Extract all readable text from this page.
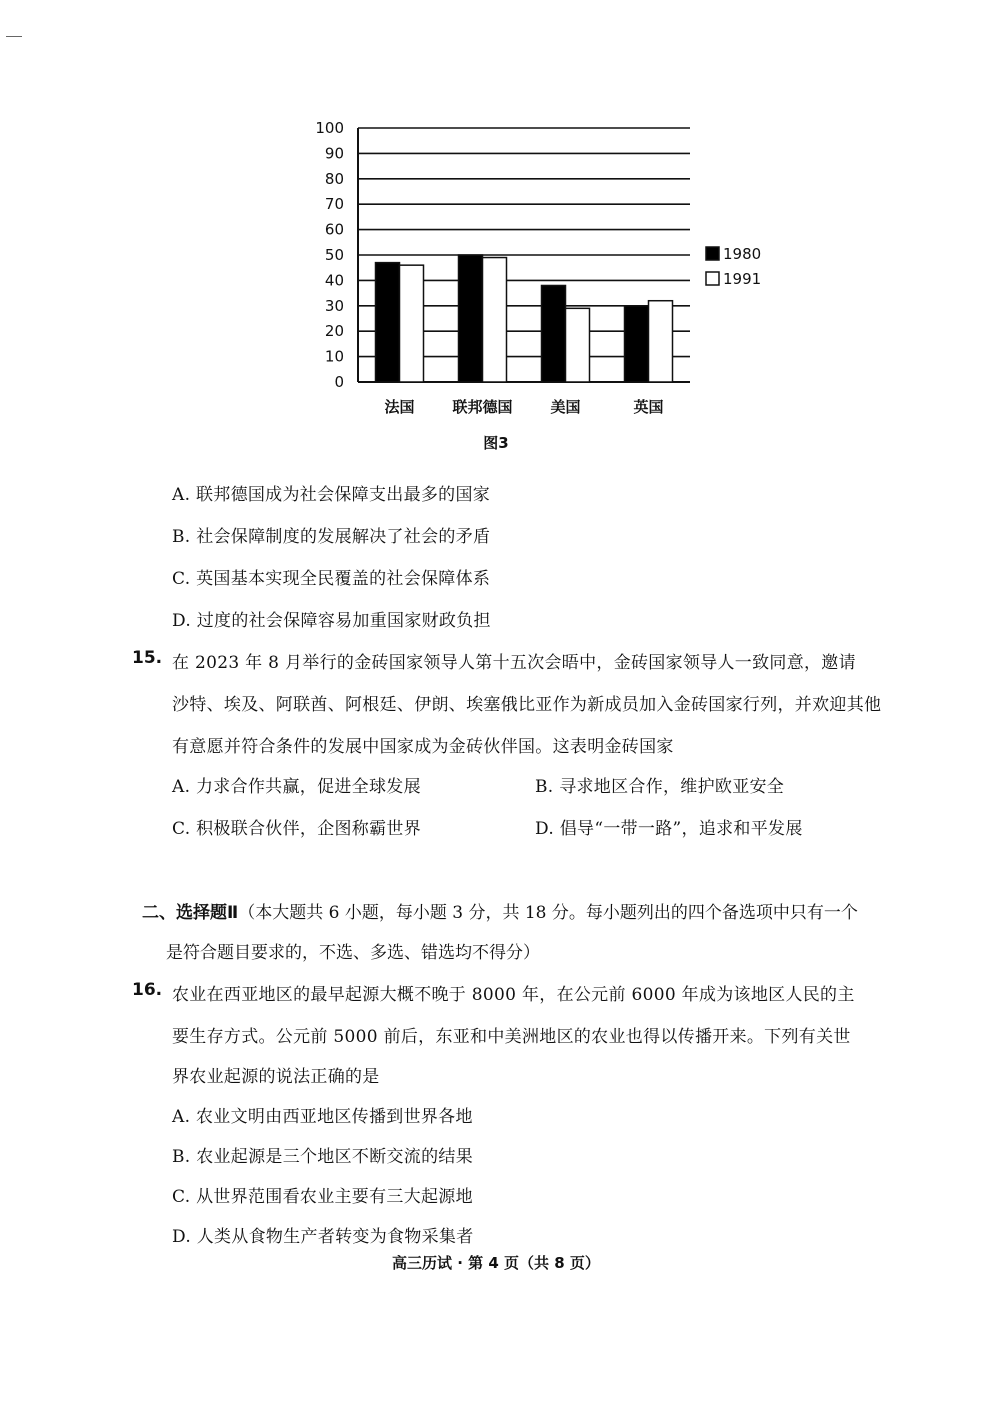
0
10
20
30
40
50
60
70
80
90
100
法国	联邦德国	美国	英国
1980
1991
图3
A. 联邦德国成为社会保障支出最多的国家
B. 社会保障制度的发展解决了社会的矛盾
C. 英国基本实现全民覆盖的社会保障体系
D. 过度的社会保障容易加重国家财政负担
15. 在 2023 年 8 月举行的金砖国家领导人第十五次会晤中，金砖国家领导人一致同意，邀请
沙特、埃及、阿联酋、阿根廷、伊朗、埃塞俄比亚作为新成员加入金砖国家行列，并欢迎其他
有意愿并符合条件的发展中国家成为金砖伙伴国。这表明金砖国家
A. 力求合作共赢，促进全球发展	B. 寻求地区合作，维护欧亚安全
C. 积极联合伙伴，企图称霸世界	D. 倡导“一带一路”，追求和平发展
二、选择题Ⅱ（本大题共 6 小题，每小题 3 分，共 18 分。每小题列出的四个备选项中只有一个
是符合题目要求的，不选、多选、错选均不得分）
16. 农业在西亚地区的最早起源大概不晚于 8000 年，在公元前 6000 年成为该地区人民的主
要生存方式。公元前 5000 前后，东亚和中美洲地区的农业也得以传播开来。下列有关世
界农业起源的说法正确的是
A. 农业文明由西亚地区传播到世界各地
B. 农业起源是三个地区不断交流的结果
C. 从世界范围看农业主要有三大起源地
D. 人类从食物生产者转变为食物采集者
高三历试 · 第 4 页（共 8 页）
